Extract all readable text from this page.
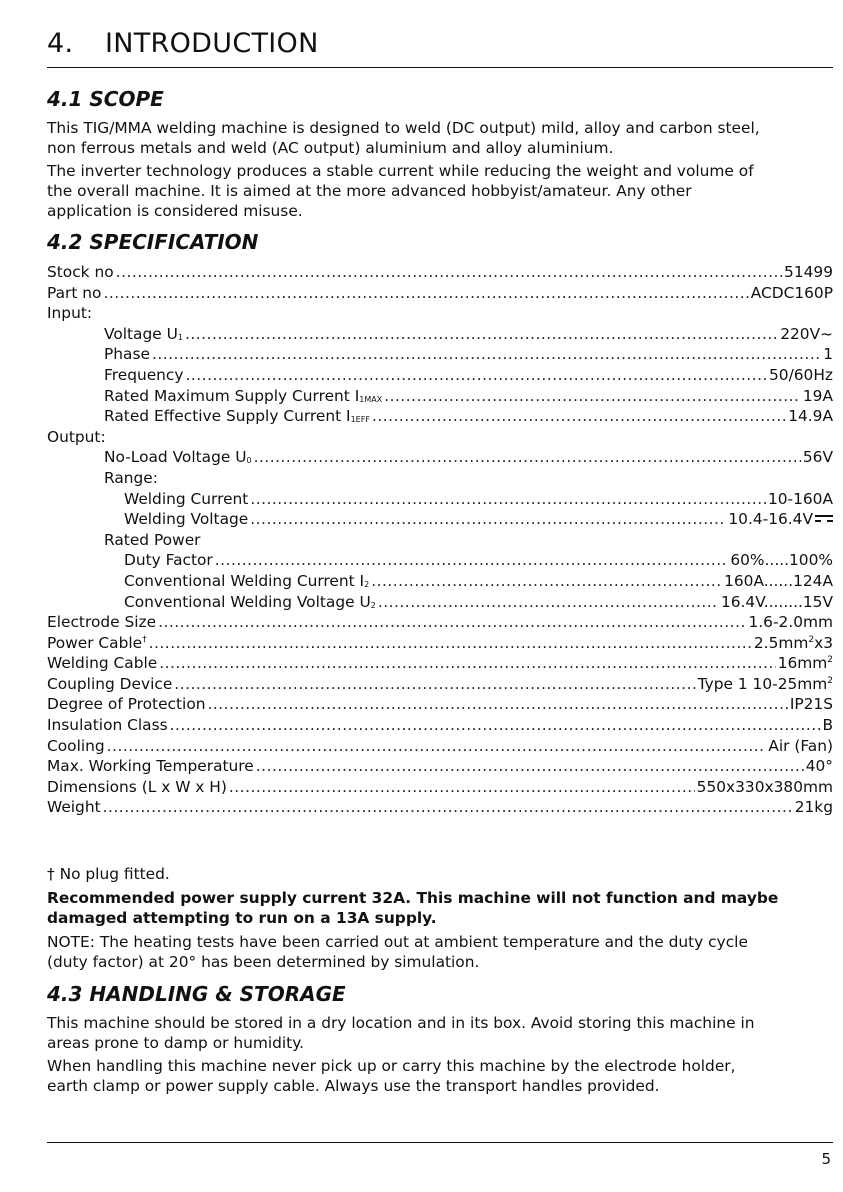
4. INTRODUCTION
4.1 SCOPE
This TIG/MMA welding machine is designed to weld (DC output) mild, alloy and carbon steel,
non ferrous metals and weld (AC output) aluminium and alloy aluminium.
The inverter technology produces a stable current while reducing the weight and volume of
the overall machine. It is aimed at the more advanced hobbyist/amateur. Any other
application is considered misuse.
4.2 SPECIFICATION
Stock no .....	51499
Part no .....	ACDC160P
Input:
Voltage $U_1$ .....	220V~
Phase .....	1
Frequency .....	50/60Hz
Rated Maximum Supply Current $I_{1MAX}$ .....	19A
Rated Effective Supply Current $I_{1EFF}$ .....	14.9A
Output:
No-Load Voltage $U_0$ .....	56V
Range:
Welding Current .....	10-160A
Welding Voltage .....	10.4-16.4V
Rated Power
Duty Factor .....	60%.....100%
Conventional Welding Current $I_2$ .....	160A......124A
Conventional Welding Voltage $U_2$ .....	16.4V........15V
Electrode Size .....	1.6-2.0mm
Power Cable† .....	$2.5mm^2x3$
Welding Cable .....	$16mm^2$
Coupling Device .....	Type 1 $10-25mm^2$
Degree of Protection .....	IP21S
Insulation Class .....	B
Cooling .....	Air (Fan)
Max. Working Temperature .....	40°
Dimensions (L x W x H) .....	550x330x380mm
Weight .....	21kg
† No plug fitted.
Recommended power supply current 32A. This machine will not function and maybe
damaged attempting to run on a 13A supply.
NOTE: The heating tests have been carried out at ambient temperature and the duty cycle
(duty factor) at 20° has been determined by simulation.
4.3 HANDLING & STORAGE
This machine should be stored in a dry location and in its box. Avoid storing this machine in
areas prone to damp or humidity.
When handling this machine never pick up or carry this machine by the electrode holder,
earth clamp or power supply cable. Always use the transport handles provided.
5
